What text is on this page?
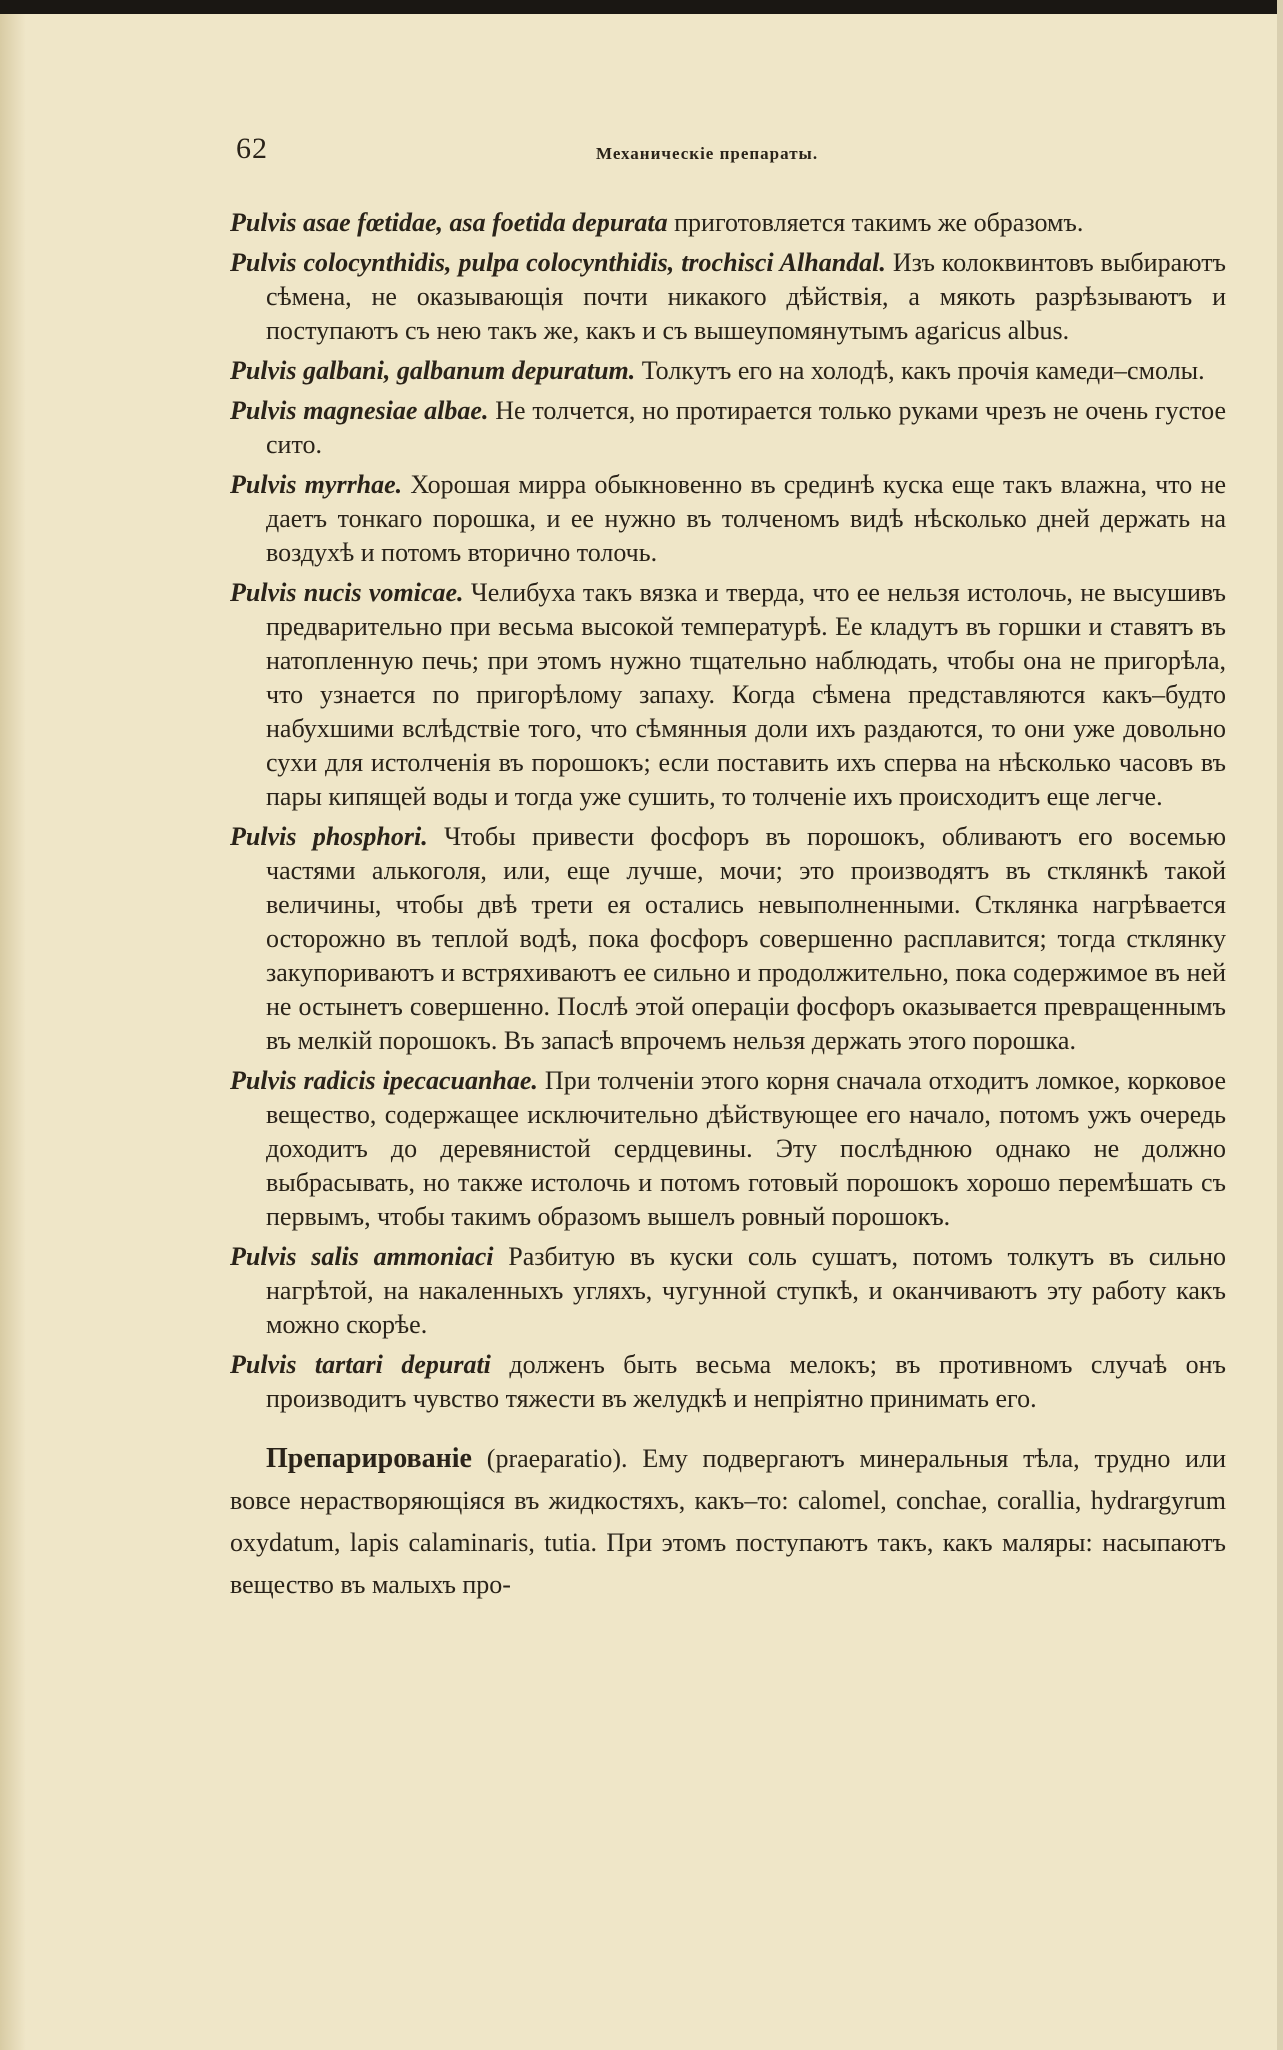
62	Механическіе препараты.

Pulvis asae fœtidae, asa foetida depurata приготовляется такимъ же образомъ.

Pulvis colocynthidis, pulpa colocynthidis, trochisci Alhandal. Изъ колоквинтовъ выбираютъ сѣмена, не оказывающія почти никакого дѣйствія, а мякоть разрѣзываютъ и поступаютъ съ нею такъ же, какъ и съ вышеупомянутымъ agaricus albus.

Pulvis galbani, galbanum depuratum. Толкутъ его на холодѣ, какъ прочія камеди–смолы.

Pulvis magnesiae albae. Не толчется, но протирается только руками чрезъ не очень густое сито.

Pulvis myrrhae. Хорошая мирра обыкновенно въ срединѣ куска еще такъ влажна, что не даетъ тонкаго порошка, и ее нужно въ толченомъ видѣ нѣсколько дней держать на воздухѣ и потомъ вторично толочь.

Pulvis nucis vomicae. Челибуха такъ вязка и тверда, что ее нельзя истолочь, не высушивъ предварительно при весьма высокой температурѣ. Ее кладутъ въ горшки и ставятъ въ натопленную печь; при этомъ нужно тщательно наблюдать, чтобы она не пригорѣла, что узнается по пригорѣлому запаху. Когда сѣмена представляются какъ–будто набухшими вслѣдствіе того, что сѣмянныя доли ихъ раздаются, то они уже довольно сухи для истолченія въ порошокъ; если поставить ихъ сперва на нѣсколько часовъ въ пары кипящей воды и тогда уже сушить, то толченіе ихъ происходитъ еще легче.

Pulvis phosphori. Чтобы привести фосфоръ въ порошокъ, обливаютъ его восемью частями алькоголя, или, еще лучше, мочи; это производятъ въ стклянкѣ такой величины, чтобы двѣ трети ея остались невыполненными. Стклянка нагрѣвается осторожно въ теплой водѣ, пока фосфоръ совершенно расплавится; тогда стклянку закупориваютъ и встряхиваютъ ее сильно и продолжительно, пока содержимое въ ней не остынетъ совершенно. Послѣ этой операціи фосфоръ оказывается превращеннымъ въ мелкій порошокъ. Въ запасѣ впрочемъ нельзя держать этого порошка.

Pulvis radicis ipecacuanhae. При толченіи этого корня сначала отходитъ ломкое, корковое вещество, содержащее исключительно дѣйствующее его начало, потомъ ужъ очередь доходитъ до деревянистой сердцевины. Эту послѣднюю однако не должно выбрасывать, но также истолочь и потомъ готовый порошокъ хорошо перемѣшать съ первымъ, чтобы такимъ образомъ вышелъ ровный порошокъ.

Pulvis salis ammoniaci Разбитую въ куски соль сушатъ, потомъ толкутъ въ сильно нагрѣтой, на накаленныхъ угляхъ, чугунной ступкѣ, и оканчиваютъ эту работу какъ можно скорѣе.

Pulvis tartari depurati долженъ быть весьма мелокъ; въ противномъ случаѣ онъ производитъ чувство тяжести въ желудкѣ и непріятно принимать его.

Препарированіе (praeparatio). Ему подвергаютъ минеральныя тѣла, трудно или вовсе нерастворяющіяся въ жидкостяхъ, какъ–то: calomel, conchae, corallia, hydrargyrum oxydatum, lapis calaminaris, tutia. При этомъ поступаютъ такъ, какъ маляры: насыпаютъ вещество въ малыхъ про-
